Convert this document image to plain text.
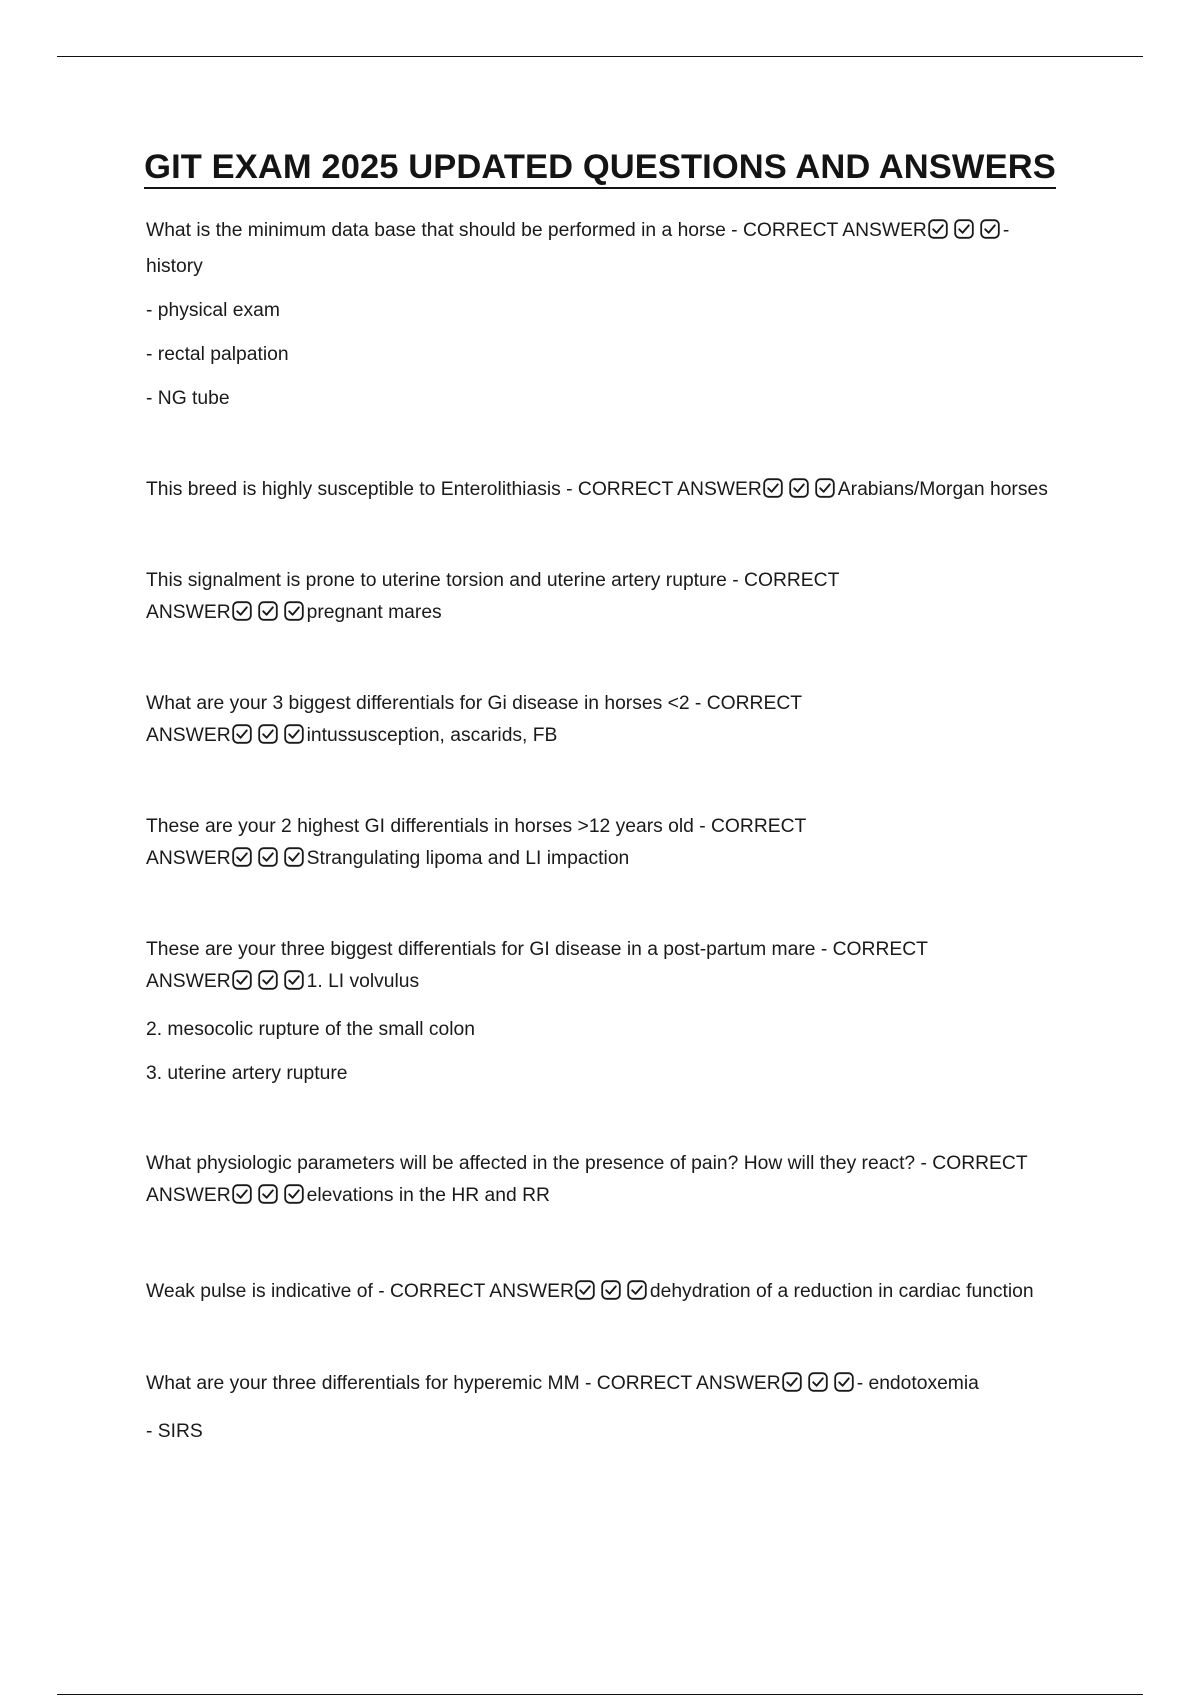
GIT EXAM 2025 UPDATED QUESTIONS AND ANSWERS
What is the minimum data base that should be performed in a horse - CORRECT ANSWER	-
history
- physical exam
- rectal palpation
- NG tube
This breed is highly susceptible to Enterolithiasis - CORRECT ANSWER	Arabians/Morgan horses
This signalment is prone to uterine torsion and uterine artery rupture - CORRECT
ANSWER	pregnant mares
What are your 3 biggest differentials for Gi disease in horses <2 - CORRECT
ANSWER	intussusception, ascarids, FB
These are your 2 highest GI differentials in horses >12 years old - CORRECT
ANSWER	Strangulating lipoma and LI impaction
These are your three biggest differentials for GI disease in a post-partum mare - CORRECT
ANSWER	1. LI volvulus
2. mesocolic rupture of the small colon
3. uterine artery rupture
What physiologic parameters will be affected in the presence of pain? How will they react? - CORRECT
ANSWER	elevations in the HR and RR
Weak pulse is indicative of - CORRECT ANSWER	dehydration of a reduction in cardiac function
What are your three differentials for hyperemic MM - CORRECT ANSWER	- endotoxemia
- SIRS
